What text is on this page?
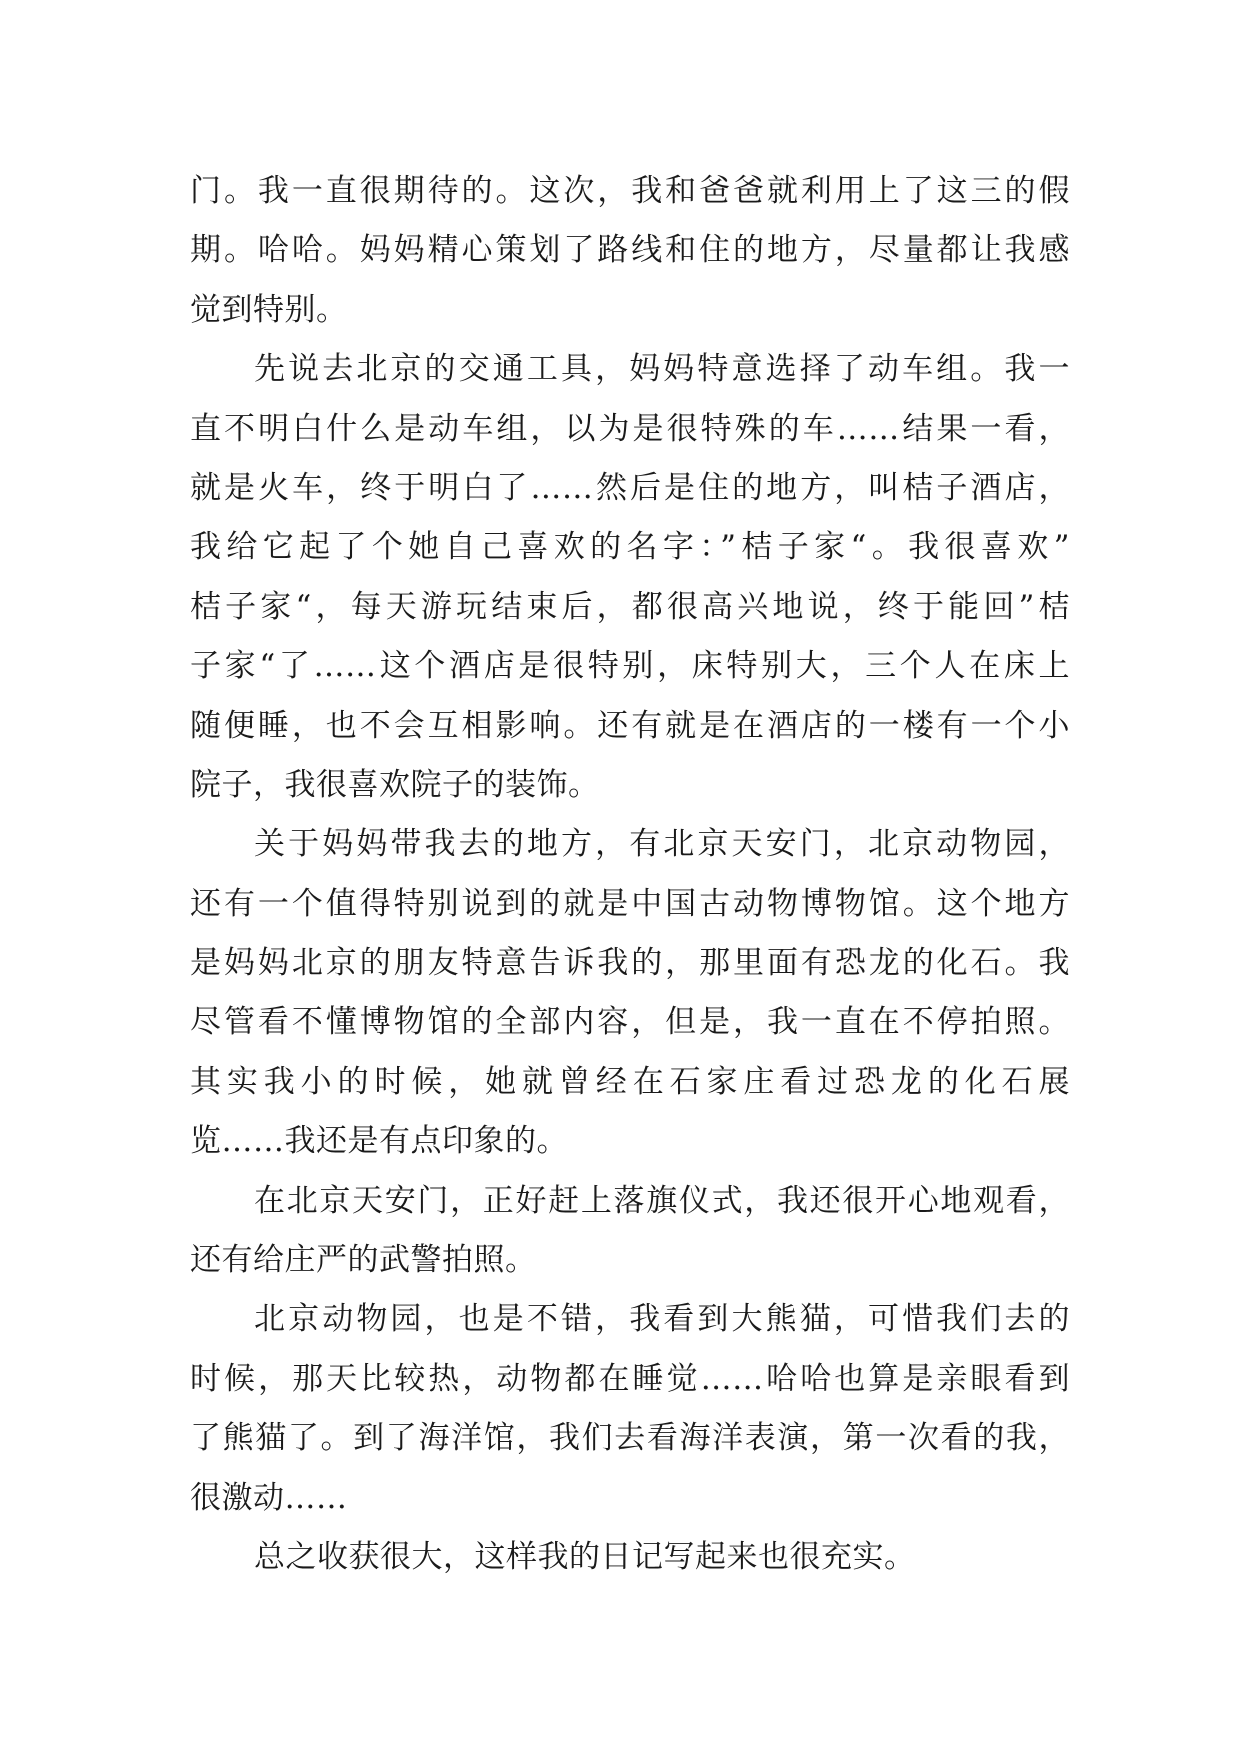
门。我一直很期待的。这次，我和爸爸就利用上了这三的假
期。哈哈。妈妈精心策划了路线和住的地方，尽量都让我感
觉到特别。
先说去北京的交通工具，妈妈特意选择了动车组。我一
直不明白什么是动车组，以为是很特殊的车……结果一看，
就是火车，终于明白了……然后是住的地方，叫桔子酒店，
我给它起了个她自己喜欢的名字：”桔子家“。我很喜欢”
桔子家“，每天游玩结束后，都很高兴地说，终于能回”桔
子家“了……这个酒店是很特别，床特别大，三个人在床上
随便睡，也不会互相影响。还有就是在酒店的一楼有一个小
院子，我很喜欢院子的装饰。
关于妈妈带我去的地方，有北京天安门，北京动物园，
还有一个值得特别说到的就是中国古动物博物馆。这个地方
是妈妈北京的朋友特意告诉我的，那里面有恐龙的化石。我
尽管看不懂博物馆的全部内容，但是，我一直在不停拍照。
其实我小的时候，她就曾经在石家庄看过恐龙的化石展
览……我还是有点印象的。
在北京天安门，正好赶上落旗仪式，我还很开心地观看，
还有给庄严的武警拍照。
北京动物园，也是不错，我看到大熊猫，可惜我们去的
时候，那天比较热，动物都在睡觉……哈哈也算是亲眼看到
了熊猫了。到了海洋馆，我们去看海洋表演，第一次看的我，
很激动……
总之收获很大，这样我的日记写起来也很充实。
